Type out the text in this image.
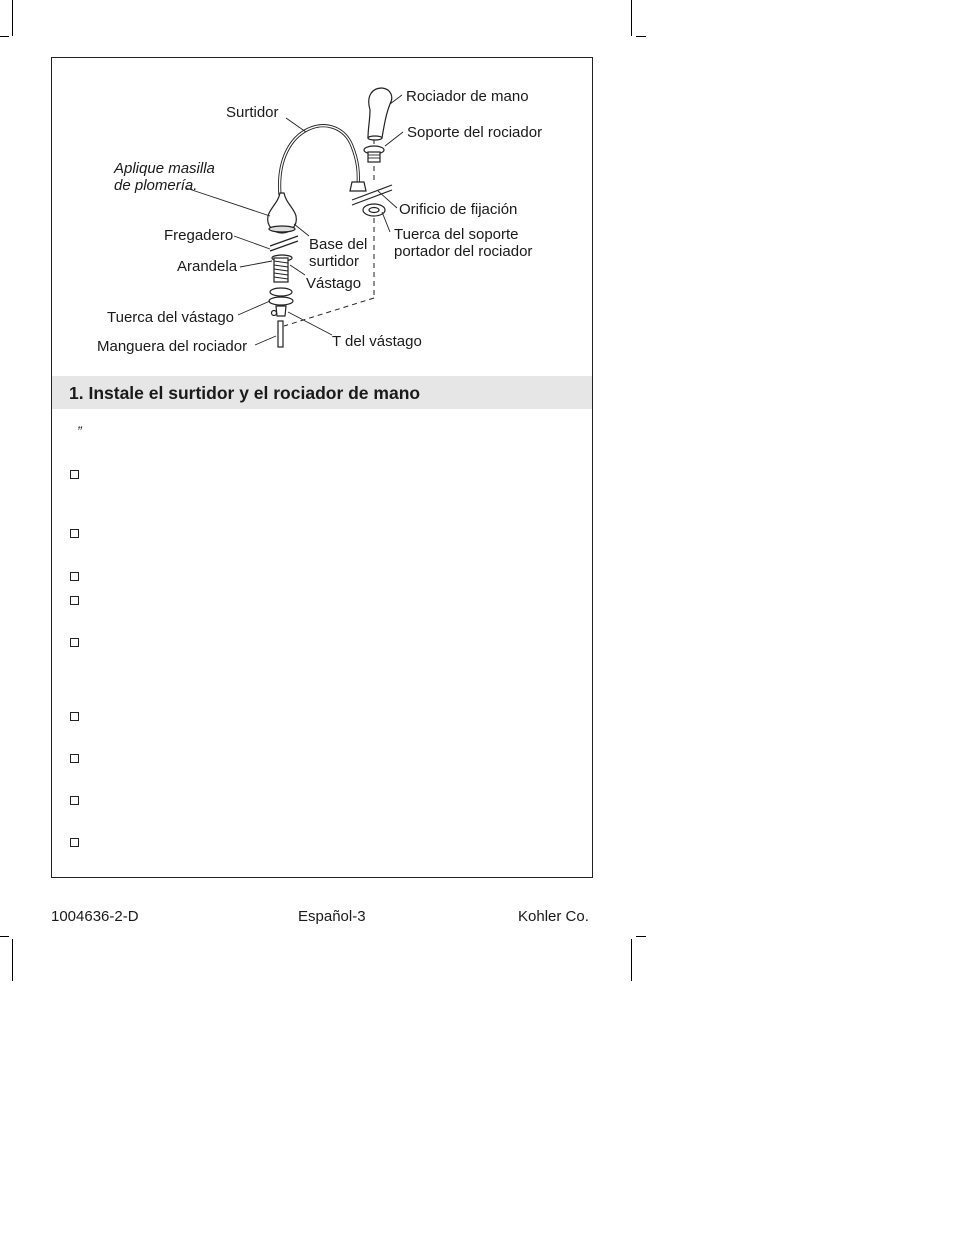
Surtidor
Aplique masilla
de plomería.
Fregadero
Arandela
Tuerca del vástago
Manguera del rociador
Base del
surtidor
Vástago
T del vástago
Rociador de mano
Soporte del rociador
Orificio de fijación
Tuerca del soporte
portador del rociador
1. Instale el surtidor y el rociador de mano
”
1004636-2-D	Español-3	Kohler Co.
